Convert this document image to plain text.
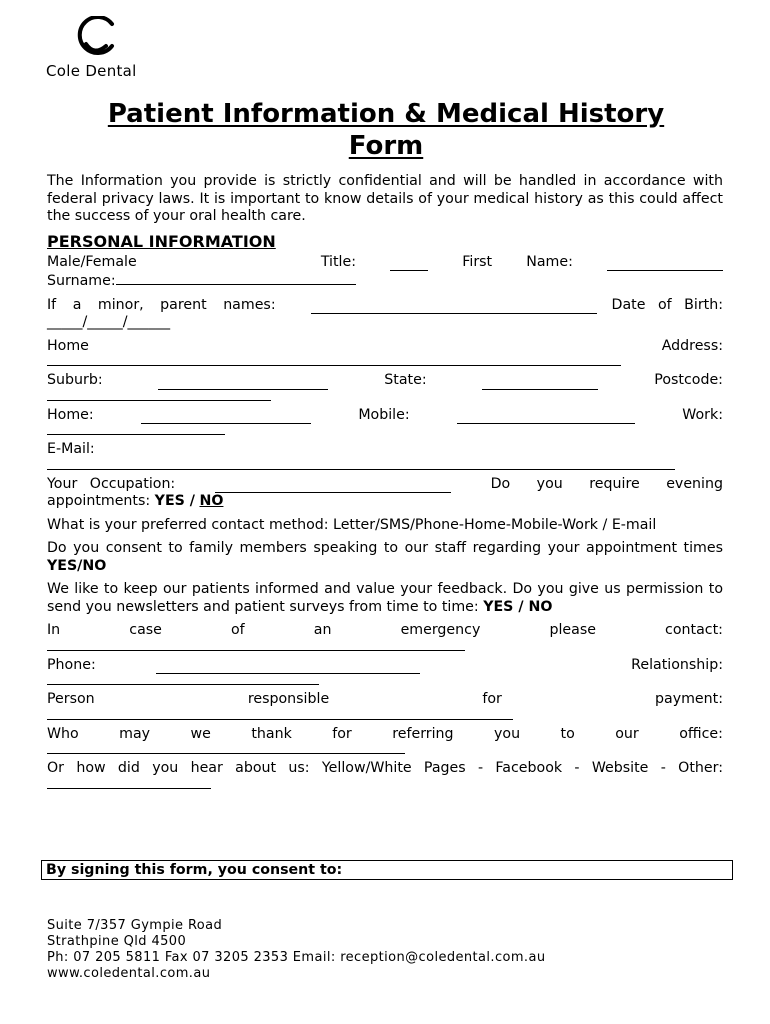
Cole Dental
Patient Information & Medical History
Form

The Information you provide is strictly confidential and will be handled in accordance with federal privacy laws. It is important to know details of your medical history as this could affect the success of your oral health care.

PERSONAL INFORMATION
Male/Female	Title:	First Name:
Surname:
If a minor, parent names:	Date of Birth:
_____/_____/______
Home	Address:
Suburb:	State:	Postcode:
Home:	Mobile:	Work:
E-Mail:
Your Occupation:	Do you require evening
appointments: YES / NO
What is your preferred contact method: Letter/SMS/Phone-Home-Mobile-Work / E-mail
Do you consent to family members speaking to our staff regarding your appointment times YES/NO
We like to keep our patients informed and value your feedback. Do you give us permission to send you newsletters and patient surveys from time to time: YES / NO
In	case	of	an	emergency	please	contact:
Phone:	Relationship:
Person	responsible	for	payment:
Who	may	we	thank	for	referring	you	to	our	office:
Or how did you hear about us: Yellow/White Pages - Facebook - Website - Other:
By signing this form, you consent to:
Suite 7/357 Gympie Road
Strathpine Qld 4500
Ph: 07 205 5811 Fax 07 3205 2353 Email: reception@coledental.com.au
www.coledental.com.au
